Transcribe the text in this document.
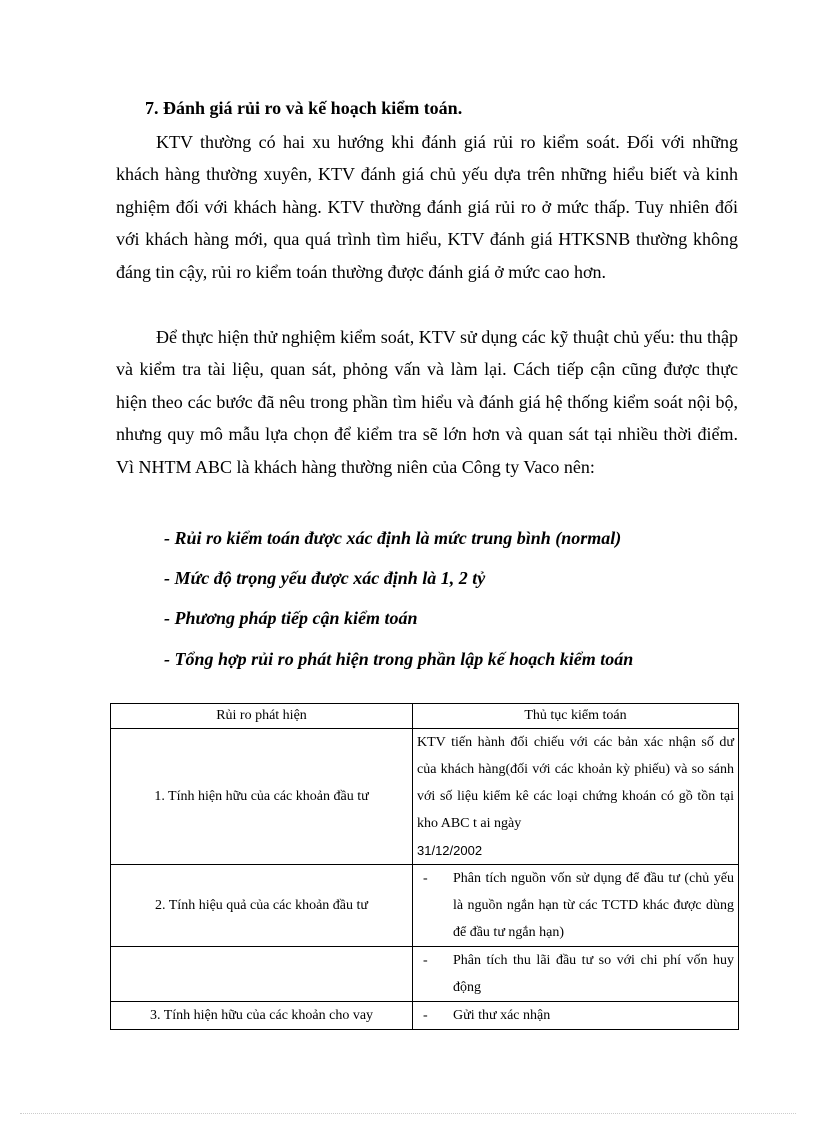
7. Đánh giá rủi ro và kế hoạch kiểm toán.

KTV thường có hai xu hướng khi đánh giá rủi ro kiểm soát. Đối với những khách hàng thường xuyên, KTV đánh giá chủ yếu dựa trên những hiểu biết và kinh nghiệm đối với khách hàng. KTV thường đánh giá rủi ro ở mức thấp. Tuy nhiên đối với khách hàng mới, qua quá trình tìm hiểu, KTV đánh giá HTKSNB thường không đáng tin cậy, rủi ro kiểm toán thường được đánh giá ở mức cao hơn.

Để thực hiện thử nghiệm kiểm soát, KTV sử dụng các kỹ thuật chủ yếu: thu thập và kiểm tra tài liệu, quan sát, phỏng vấn và làm lại. Cách tiếp cận cũng được thực hiện theo các bước đã nêu trong phần tìm hiểu và đánh giá hệ thống kiểm soát nội bộ, nhưng quy mô mẫu lựa chọn để kiểm tra sẽ lớn hơn và quan sát tại nhiều thời điểm. Vì NHTM ABC là khách hàng thường niên của Công ty Vaco nên:

- Rủi ro kiểm toán được xác định là mức trung bình (normal)
- Mức độ trọng yếu được xác định là 1, 2 tỷ
- Phương pháp tiếp cận kiểm toán
- Tổng hợp rủi ro phát hiện trong phần lập kế hoạch kiểm toán
Rủi ro phát hiện	Thủ tục kiểm toán
1. Tính hiện hữu của các khoản đầu tư	KTV tiến hành đối chiếu với các bản xác nhận số dư của khách hàng(đối với các khoản kỳ phiếu) và so sánh với số liệu kiểm kê các loại chứng khoán có gồ tồn tại kho ABC t ai ngày
31/12/2002

2. Tính hiệu quả của các khoản đầu tư	- Phân tích nguồn vốn sử dụng để đầu tư (chủ yếu là nguồn ngắn hạn từ các TCTD khác được dùng để đầu tư ngắn hạn)

	- Phân tích thu lãi đầu tư so với chi phí vốn huy động

3. Tính hiện hữu của các khoản cho vay	- Gửi thư xác nhận
